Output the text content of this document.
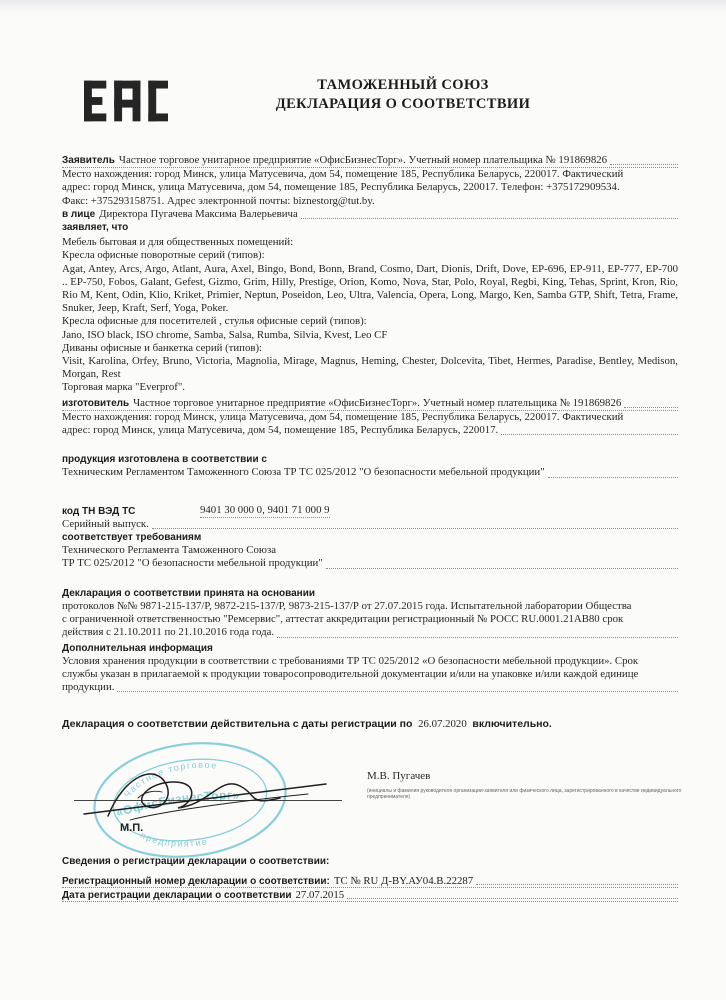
ТАМОЖЕННЫЙ СОЮЗ
ДЕКЛАРАЦИЯ О СООТВЕТСТВИИ
Заявитель Частное торговое унитарное предприятие «ОфисБизнесТорг». Учетный номер плательщика № 191869826
Место нахождения: город Минск, улица Матусевича, дом 54, помещение 185, Республика Беларусь, 220017. Фактический
адрес: город Минск, улица Матусевича, дом 54, помещение 185, Республика Беларусь, 220017. Телефон: +375172909534.
Факс: +375293158751. Адрес электронной почты: biznestorg@tut.by.
в лице Директора Пугачева Максима Валерьевича
заявляет, что
Мебель бытовая и для общественных помещений:
Кресла офисные поворотные серий (типов):
Agat, Antey, Arcs, Argo, Atlant, Aura, Axel, Bingo, Bond, Bonn, Brand, Cosmo, Dart, Dionis, Drift, Dove, EP-696, EP-911, EP-777, EP-700 .. EP-750, Fobos, Galant, Gefest, Gizmo, Grim, Hilly, Prestige, Orion, Komo, Nova, Star, Polo, Royal, Regbi, King, Tehas, Sprint, Kron, Rio, Rio M, Kent, Odin, Klio, Kriket, Primier, Neptun, Poseidon, Leo, Ultra, Valencia, Opera, Long, Margo, Ken, Samba GTP, Shift, Tetra, Frame, Snuker, Jeep, Kraft, Serf, Yoga, Poker.
Кресла офисные для посетителей , стулья офисные серий (типов):
Jano, ISO black, ISO chrome, Samba, Salsa, Rumba, Silvia, Kvest, Leo CF
Диваны офисные и банкетка серий (типов):
Visit, Karolina, Orfey, Bruno, Victoria, Magnolia, Mirage, Magnus, Heming, Chester, Dolcevita, Tibet, Hermes, Paradise, Bentley, Medison, Morgan, Rest
Торговая марка "Everprof".
изготовитель Частное торговое унитарное предприятие «ОфисБизнесТорг». Учетный номер плательщика № 191869826
Место нахождения: город Минск, улица Матусевича, дом 54, помещение 185, Республика Беларусь, 220017. Фактический
адрес: город Минск, улица Матусевича, дом 54, помещение 185, Республика Беларусь, 220017.
продукция изготовлена в соответствии с
Техническим Регламентом Таможенного Союза ТР ТС 025/2012 "О безопасности мебельной продукции"
код ТН ВЭД ТС	9401 30 000 0, 9401 71 000 9
Серийный выпуск.
соответствует требованиям
Технического Регламента Таможенного Союза
ТР ТС 025/2012 "О безопасности мебельной продукции"
Декларация о соответствии принята на основании
протоколов №№ 9871-215-137/Р, 9872-215-137/Р, 9873-215-137/Р от 27.07.2015 года. Испытательной лаборатории Общества
с ограниченной ответственностью "Ремсервис", аттестат аккредитации регистрационный № РОСС RU.0001.21АВ80 срок
действия с 21.10.2011 по 21.10.2016 года года.
Дополнительная информация
Условия хранения продукции в соответствии с требованиями ТР ТС 025/2012 «О безопасности мебельной продукции». Срок
службы указан в прилагаемой к продукции товаросопроводительной документации и/или на упаковке и/или каждой единице
продукции.
Декларация о соответствии действительна с даты регистрации по 26.07.2020 включительно.
Частное торговое
предприятие
«ОфисБизнесТорг»
М.В. Пугачев
(инициалы и фамилия руководителя организации-заявителя или физического лица, зарегистрированного в качестве индивидуального предпринимателя)
М.П.
Сведения о регистрации декларации о соответствии:
Регистрационный номер декларации о соответствии: ТС № RU Д-BY.АУ04.В.22287
Дата регистрации декларации о соответствии 27.07.2015
